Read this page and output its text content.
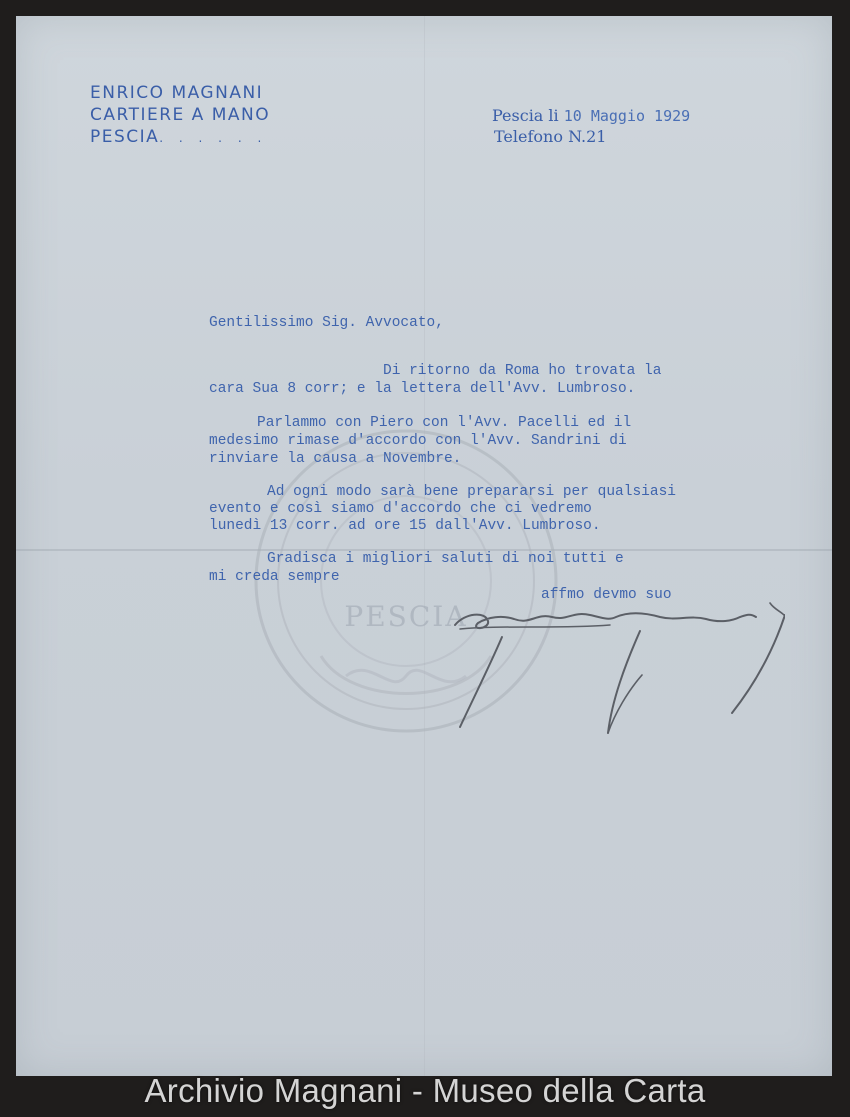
PESCIA
ENRICO MAGNANI
CARTIERE A MANO
PESCIA. . . . . .
Pescia li 10 Maggio 1929
Telefono N.21
Gentilissimo Sig. Avvocato,
Di ritorno da Roma ho trovata la
cara Sua 8 corr; e la lettera dell'Avv. Lumbroso.
Parlammo con Piero con l'Avv. Pacelli ed il
medesimo rimase d'accordo con l'Avv. Sandrini di
rinviare la causa a Novembre.
Ad ogni modo sarà bene prepararsi per qualsiasi
evento e così siamo d'accordo che ci vedremo
lunedì 13 corr. ad ore 15 dall'Avv. Lumbroso.
Gradisca i migliori saluti di noi tutti e
mi creda sempre
affmo devmo suo
Archivio Magnani - Museo della Carta
